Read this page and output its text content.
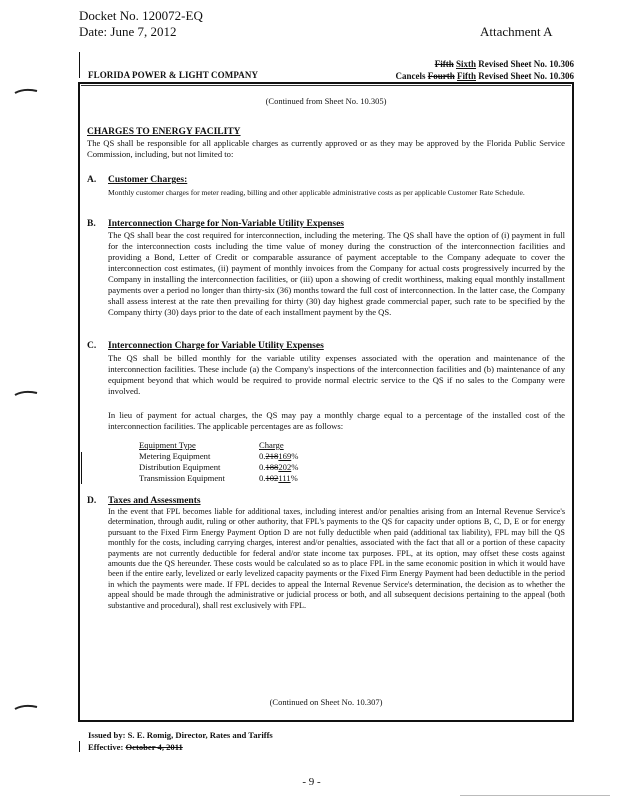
Docket No. 120072-EQ
Date: June 7, 2012	Attachment A
FLORIDA POWER & LIGHT COMPANY
Fifth Sixth Revised Sheet No. 10.306
Cancels Fourth Fifth Revised Sheet No. 10.306
(Continued from Sheet No. 10.305)
CHARGES TO ENERGY FACILITY
The QS shall be responsible for all applicable charges as currently approved or as they may be approved by the Florida Public Service Commission, including, but not limited to:
A. Customer Charges:
Monthly customer charges for meter reading, billing and other applicable administrative costs as per applicable Customer Rate Schedule.
B. Interconnection Charge for Non-Variable Utility Expenses
The QS shall bear the cost required for interconnection, including the metering. The QS shall have the option of (i) payment in full for the interconnection costs including the time value of money during the construction of the interconnection facilities and providing a Bond, Letter of Credit or comparable assurance of payment acceptable to the Company adequate to cover the interconnection cost estimates, (ii) payment of monthly invoices from the Company for actual costs progressively incurred by the Company in installing the interconnection facilities, or (iii) upon a showing of credit worthiness, making equal monthly installment payments over a period no longer than thirty-six (36) months toward the full cost of interconnection. In the latter case, the Company shall assess interest at the rate then prevailing for thirty (30) day highest grade commercial paper, such rate to be specified by the Company thirty (30) days prior to the date of each installment payment by the QS.
C. Interconnection Charge for Variable Utility Expenses
The QS shall be billed monthly for the variable utility expenses associated with the operation and maintenance of the interconnection facilities. These include (a) the Company's inspections of the interconnection facilities and (b) maintenance of any equipment beyond that which would be required to provide normal electric service to the QS if no sales to the Company were involved.
In lieu of payment for actual charges, the QS may pay a monthly charge equal to a percentage of the installed cost of the interconnection facilities. The applicable percentages are as follows:
Equipment Type	Charge
Metering Equipment	0.218169%
Distribution Equipment	0.188202%
Transmission Equipment	0.102111%
D. Taxes and Assessments
In the event that FPL becomes liable for additional taxes, including interest and/or penalties arising from an Internal Revenue Service's determination, through audit, ruling or other authority, that FPL's payments to the QS for capacity under options B, C, D, E or for energy pursuant to the Fixed Firm Energy Payment Option D are not fully deductible when paid (additional tax liability), FPL may bill the QS monthly for the costs, including carrying charges, interest and/or penalties, associated with the fact that all or a portion of these capacity payments are not currently deductible for federal and/or state income tax purposes. FPL, at its option, may offset these costs against amounts due the QS hereunder. These costs would be calculated so as to place FPL in the same economic position in which it would have been if the entire early, levelized or early levelized capacity payments or the Fixed Firm Energy Payment had been deductible in the period in which the payments were made. If FPL decides to appeal the Internal Revenue Service's determination, the decision as to whether the appeal should be made through the administrative or judicial process or both, and all subsequent decisions pertaining to the appeal (both substantive and procedural), shall rest exclusively with FPL.
(Continued on Sheet No. 10.307)
Issued by: S. E. Romig, Director, Rates and Tariffs
Effective: October 4, 2011
- 9 -
